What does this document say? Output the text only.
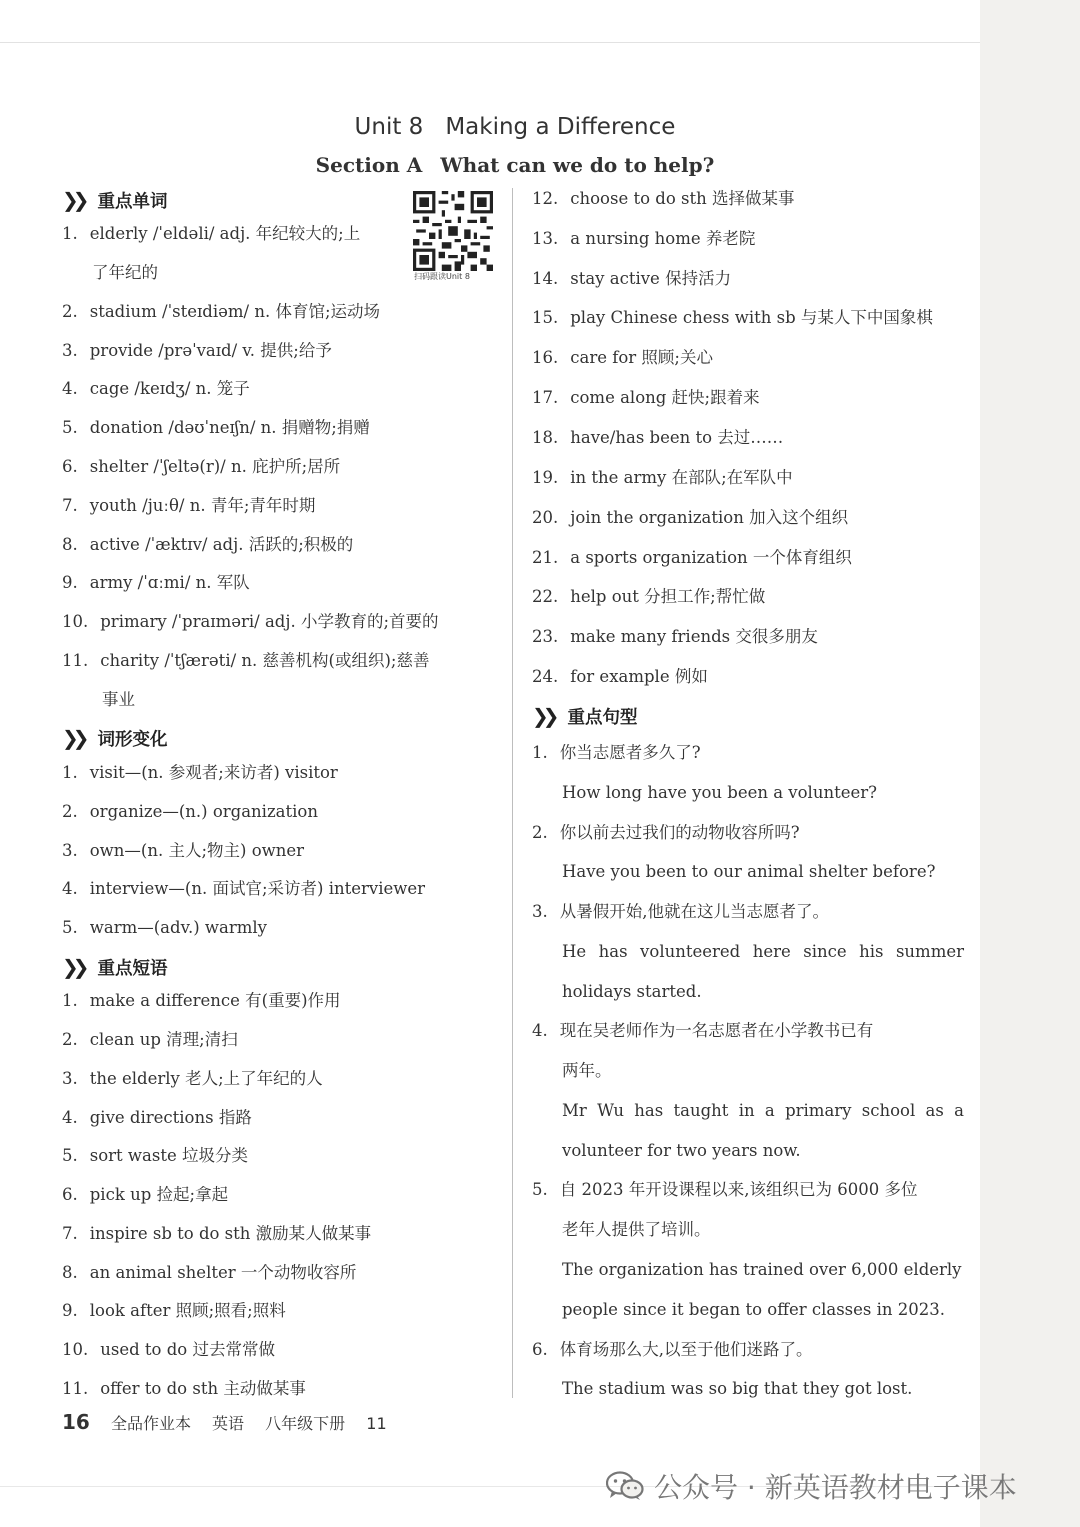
Unit 8 Making a Difference
Section A What can we do to help?
扫码跟读Unit 8
❯❯ 重点单词
1. elderly /ˈeldəli/ adj. 年纪较大的;上
了年纪的
2. stadium /ˈsteɪdiəm/ n. 体育馆;运动场
3. provide /prəˈvaɪd/ v. 提供;给予
4. cage /keɪdʒ/ n. 笼子
5. donation /dəʊˈneɪʃn/ n. 捐赠物;捐赠
6. shelter /ˈʃeltə(r)/ n. 庇护所;居所
7. youth /juːθ/ n. 青年;青年时期
8. active /ˈæktɪv/ adj. 活跃的;积极的
9. army /ˈɑːmi/ n. 军队
10. primary /ˈpraɪməri/ adj. 小学教育的;首要的
11. charity /ˈtʃærəti/ n. 慈善机构(或组织);慈善
事业
❯❯ 词形变化
1. visit—(n. 参观者;来访者) visitor
2. organize—(n.) organization
3. own—(n. 主人;物主) owner
4. interview—(n. 面试官;采访者) interviewer
5. warm—(adv.) warmly
❯❯ 重点短语
1. make a difference 有(重要)作用
2. clean up 清理;清扫
3. the elderly 老人;上了年纪的人
4. give directions 指路
5. sort waste 垃圾分类
6. pick up 捡起;拿起
7. inspire sb to do sth 激励某人做某事
8. an animal shelter 一个动物收容所
9. look after 照顾;照看;照料
10. used to do 过去常常做
11. offer to do sth 主动做某事
12. choose to do sth 选择做某事
13. a nursing home 养老院
14. stay active 保持活力
15. play Chinese chess with sb 与某人下中国象棋
16. care for 照顾;关心
17. come along 赶快;跟着来
18. have/has been to 去过……
19. in the army 在部队;在军队中
20. join the organization 加入这个组织
21. a sports organization 一个体育组织
22. help out 分担工作;帮忙做
23. make many friends 交很多朋友
24. for example 例如
❯❯ 重点句型
1. 你当志愿者多久了?
How long have you been a volunteer?
2. 你以前去过我们的动物收容所吗?
Have you been to our animal shelter before?
3. 从暑假开始,他就在这儿当志愿者了。
He has volunteered here since his summer
holidays started.
4. 现在吴老师作为一名志愿者在小学教书已有
两年。
Mr Wu has taught in a primary school as a
volunteer for two years now.
5. 自 2023 年开设课程以来,该组织已为 6000 多位
老年人提供了培训。
The organization has trained over 6,000 elderly
people since it began to offer classes in 2023.
6. 体育场那么大,以至于他们迷路了。
The stadium was so big that they got lost.
16 全品作业本 英语 八年级下册 11
公众号 · 新英语教材电子课本
